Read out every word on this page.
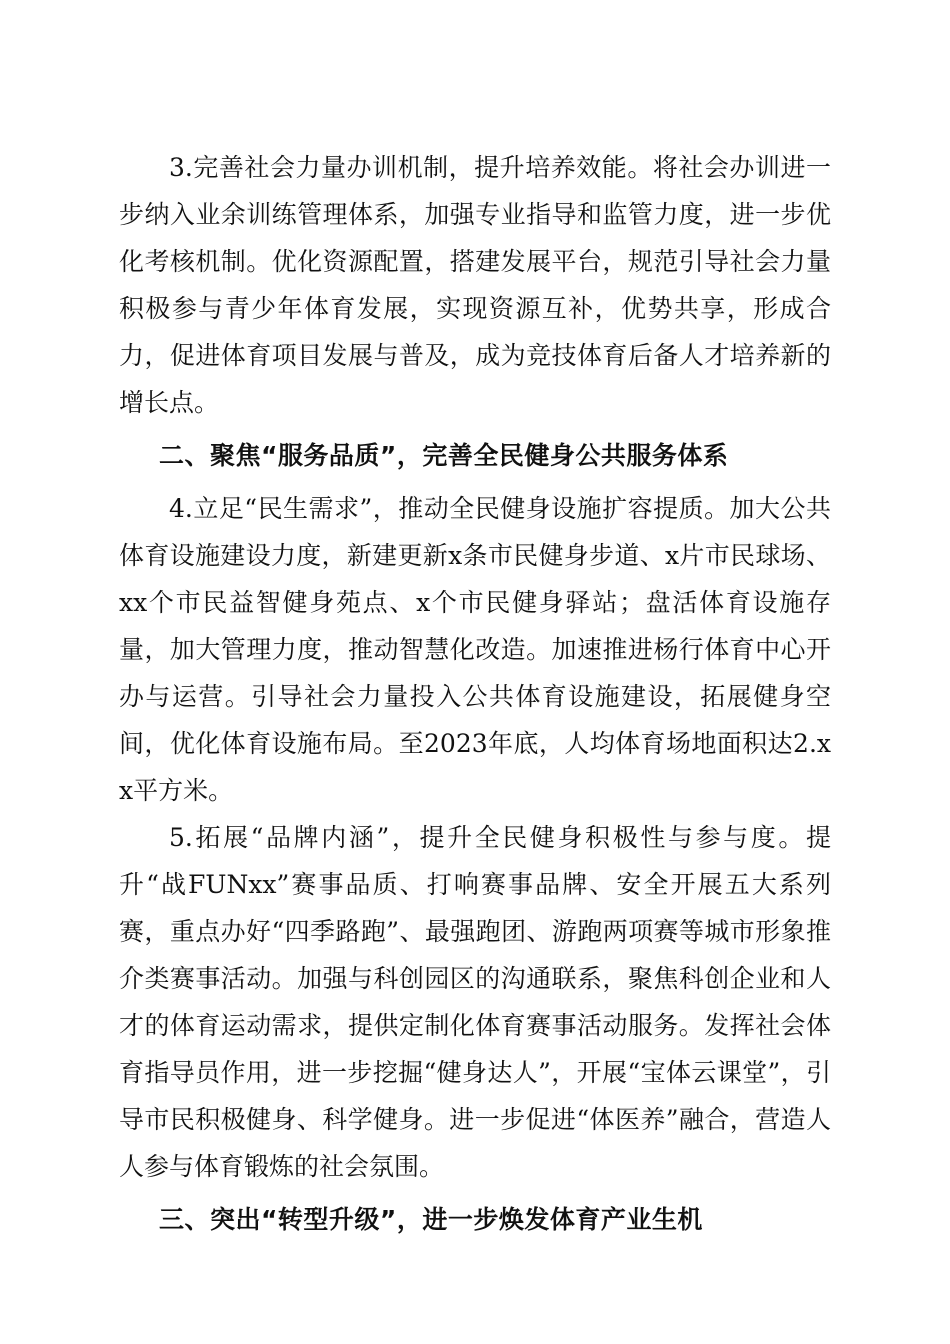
3.完善社会力量办训机制，提升培养效能。将社会办训进一步纳入业余训练管理体系，加强专业指导和监管力度，进一步优化考核机制。优化资源配置，搭建发展平台，规范引导社会力量积极参与青少年体育发展，实现资源互补，优势共享，形成合力，促进体育项目发展与普及，成为竞技体育后备人才培养新的增长点。

二、聚焦“服务品质”，完善全民健身公共服务体系

4.立足“民生需求”，推动全民健身设施扩容提质。加大公共体育设施建设力度，新建更新x条市民健身步道、x片市民球场、xx个市民益智健身苑点、x个市民健身驿站；盘活体育设施存量，加大管理力度，推动智慧化改造。加速推进杨行体育中心开办与运营。引导社会力量投入公共体育设施建设，拓展健身空间，优化体育设施布局。至2023年底，人均体育场地面积达2.xx平方米。

5.拓展“品牌内涵”，提升全民健身积极性与参与度。提升“战FUNxx”赛事品质、打响赛事品牌、安全开展五大系列赛，重点办好“四季路跑”、最强跑团、游跑两项赛等城市形象推介类赛事活动。加强与科创园区的沟通联系，聚焦科创企业和人才的体育运动需求，提供定制化体育赛事活动服务。发挥社会体育指导员作用，进一步挖掘“健身达人”，开展“宝体云课堂”，引导市民积极健身、科学健身。进一步促进“体医养”融合，营造人人参与体育锻炼的社会氛围。

三、突出“转型升级”，进一步焕发体育产业生机
